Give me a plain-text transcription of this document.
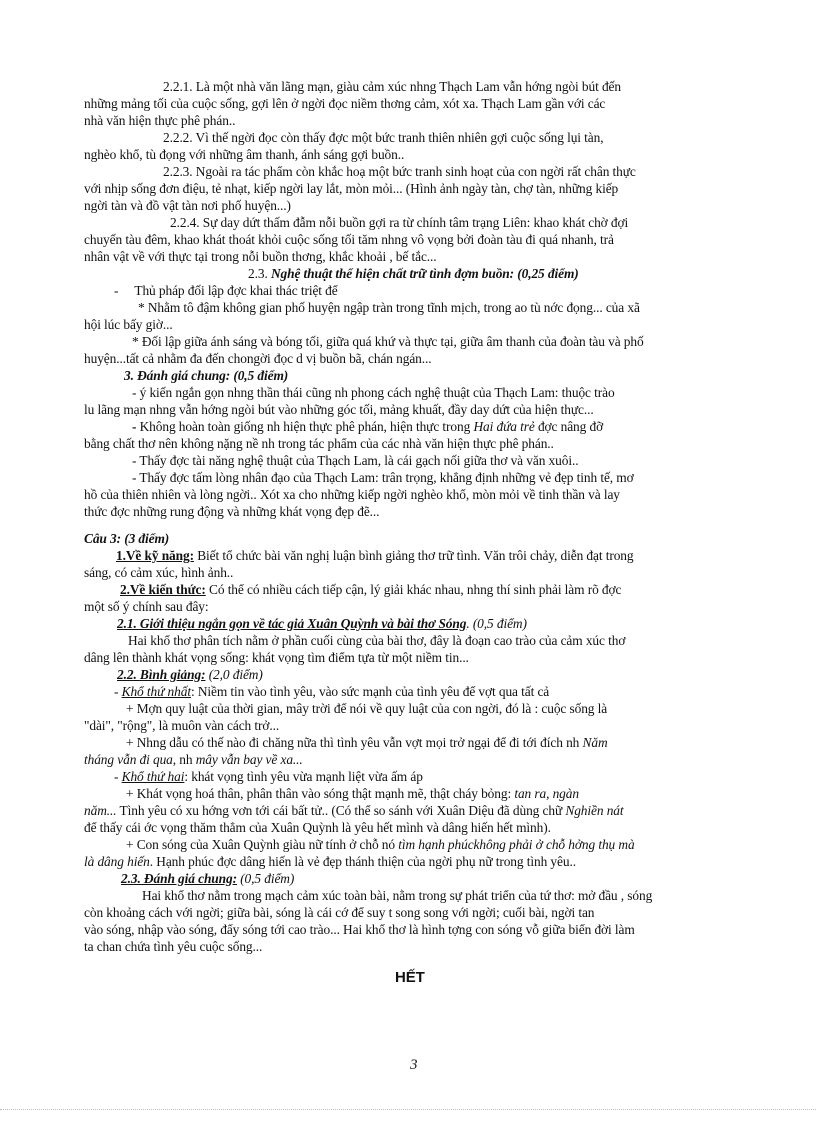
2.2.1. Là một nhà văn lãng mạn, giàu cảm xúc nhng Thạch Lam vẫn hớng ngòi bút đến
những mảng tối của cuộc sống, gợi lên ở ngời đọc niềm thơng cảm, xót xa. Thạch Lam gần với các
nhà văn hiện thực phê phán..
2.2.2. Vì thế ngời đọc còn thấy đợc một bức tranh thiên nhiên gợi cuộc sống lụi tàn,
nghèo khổ, tù đọng với những âm thanh, ánh sáng gợi buồn..
2.2.3. Ngoài ra tác phẩm còn khắc hoạ một bức tranh sinh hoạt của con ngời rất chân thực
với nhịp sống đơn điệu, tẻ nhạt, kiếp ngời lay lắt, mòn mỏi... (Hình ảnh ngày tàn, chợ tàn, những kiếp
ngời tàn và đồ vật tàn nơi phố huyện...)
2.2.4. Sự day dứt thấm đẫm nỗi buồn gợi ra từ chính tâm trạng Liên: khao khát chờ đợi
chuyến tàu đêm, khao khát thoát khỏi cuộc sống tối tăm nhng vô vọng bởi đoàn tàu đi quá nhanh, trả
nhân vật về với thực tại trong nỗi buồn thơng, khắc khoải , bế tắc...
2.3. Nghệ thuật thể hiện chất trữ tình đợm buồn: (0,25 điểm)
- Thủ pháp đối lập đợc khai thác triệt để
* Nhằm tô đậm không gian phố huyện ngập tràn trong tĩnh mịch, trong ao tù nớc đọng... của xã
hội lúc bấy giờ...
* Đối lập giữa ánh sáng và bóng tối, giữa quá khứ và thực tại, giữa âm thanh của đoàn tàu và phố
huyện...tất cả nhằm đa đến chongời đọc d vị buồn bã, chán ngán...
3. Đánh giá chung: (0,5 điểm)
- ý kiến ngắn gọn nhng thần thái cũng nh phong cách nghệ thuật của Thạch Lam: thuộc trào
lu lãng mạn nhng vẫn hớng ngòi bút vào những góc tối, mảng khuất, đầy day dứt của hiện thực...
- Không hoàn toàn giống nh hiện thực phê phán, hiện thực trong Hai đứa trẻ đợc nâng đỡ
bằng chất thơ nên không nặng nề nh trong tác phẩm của các nhà văn hiện thực phê phán..
- Thấy đợc tài năng nghệ thuật của Thạch Lam, là cái gạch nối giữa thơ và văn xuôi..
- Thấy đợc tấm lòng nhân đạo của Thạch Lam: trân trọng, khẳng định những vẻ đẹp tinh tế, mơ
hồ của thiên nhiên và lòng ngời.. Xót xa cho những kiếp ngời nghèo khổ, mòn mỏi về tinh thần và lay
thức đợc những rung động và những khát vọng đẹp đẽ...
Câu 3: (3 điểm)
1.Về kỹ năng: Biết tổ chức bài văn nghị luận bình giảng thơ trữ tình. Văn trôi chảy, diễn đạt trong
sáng, có cảm xúc, hình ảnh..
2.Về kiến thức: Có thể có nhiều cách tiếp cận, lý giải khác nhau, nhng thí sinh phải làm rõ đợc
một số ý chính sau đây:
2.1. Giới thiệu ngắn gọn về tác giả Xuân Quỳnh và bài thơ Sóng. (0,5 điểm)
Hai khổ thơ phân tích nằm ở phần cuối cùng của bài thơ, đây là đoạn cao trào của cảm xúc thơ
dâng lên thành khát vọng sống: khát vọng tìm điểm tựa từ một niềm tin...
2.2. Bình giảng: (2,0 điểm)
- Khổ thứ nhất: Niềm tin vào tình yêu, vào sức mạnh của tình yêu để vợt qua tất cả
+ Mợn quy luật của thời gian, mây trời để nói về quy luật của con ngời, đó là : cuộc sống là
"dài", "rộng", là muôn vàn cách trở...
+ Nhng dẫu có thế nào đi chăng nữa thì tình yêu vẫn vợt mọi trở ngại để đi tới đích nh Năm
tháng vẫn đi qua, nh mây vẫn bay về xa...
- Khổ thứ hai: khát vọng tình yêu vừa mạnh liệt vừa ấm áp
+ Khát vọng hoá thân, phân thân vào sóng thật mạnh mẽ, thật cháy bỏng: tan ra, ngàn
năm... Tình yêu có xu hớng vơn tới cái bất tử.. (Có thể so sánh với Xuân Diệu đã dùng chữ Nghiền nát
để thấy cái ớc vọng thăm thẳm của Xuân Quỳnh là yêu hết mình và dâng hiến hết mình).
+ Con sóng của Xuân Quỳnh giàu nữ tính ở chỗ nó tìm hạnh phúckhông phải ở chỗ hởng thụ mà
là dâng hiến. Hạnh phúc đợc dâng hiến là vẻ đẹp thánh thiện của ngời phụ nữ trong tình yêu..
2.3. Đánh giá chung: (0,5 điểm)
Hai khổ thơ nằm trong mạch cảm xúc toàn bài, nằm trong sự phát triển của tứ thơ: mở đầu , sóng
còn khoảng cách với ngời; giữa bài, sóng là cái cớ để suy t song song với ngời; cuối bài, ngời tan
vào sóng, nhập vào sóng, đẩy sóng tới cao trào... Hai khổ thơ là hình tợng con sóng vỗ giữa biển đời làm
ta chan chứa tình yêu cuộc sống...
HẾT
3
